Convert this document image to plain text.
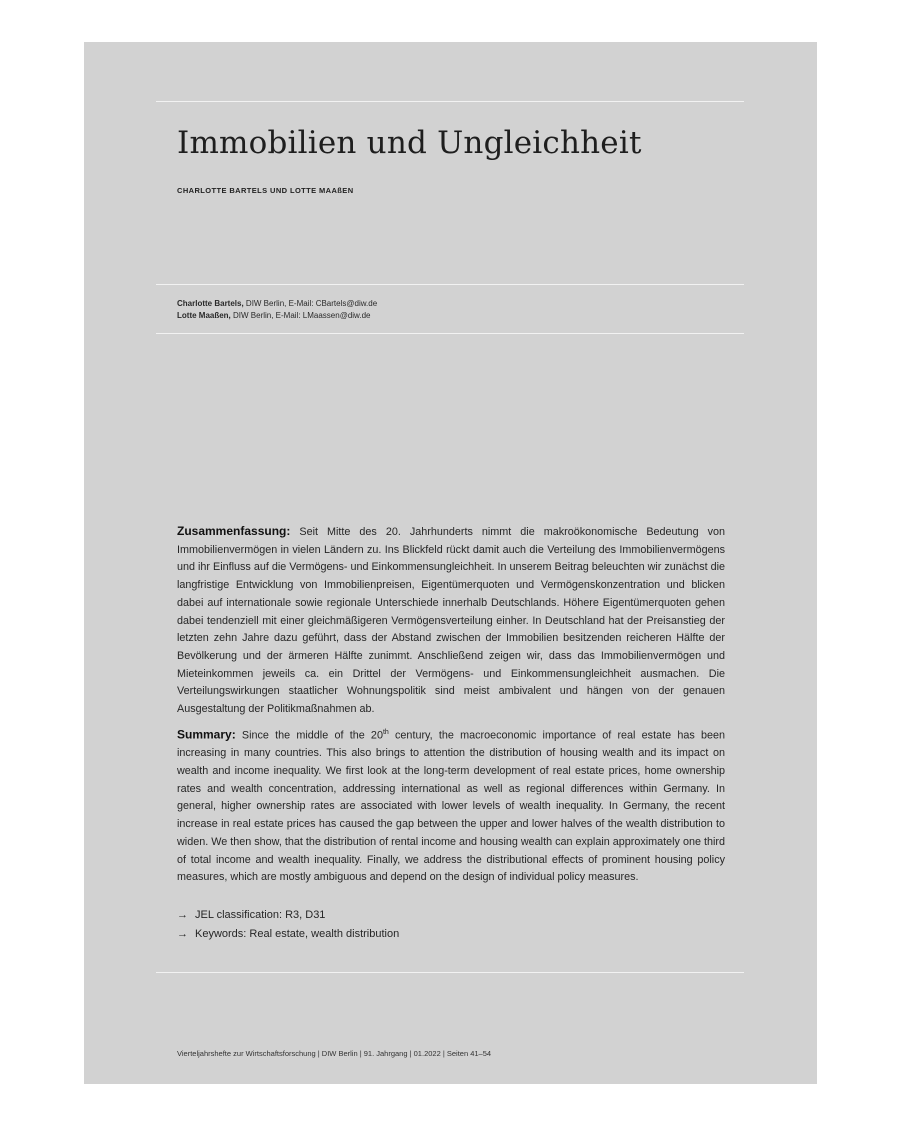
Immobilien und Ungleichheit
CHARLOTTE BARTELS UND LOTTE MAAßEN
Charlotte Bartels, DIW Berlin, E-Mail: CBartels@diw.de
Lotte Maaßen, DIW Berlin, E-Mail: LMaassen@diw.de

Zusammenfassung: Seit Mitte des 20. Jahrhunderts nimmt die makroökonomische Bedeutung von Immobilienvermögen in vielen Ländern zu. Ins Blickfeld rückt damit auch die Verteilung des Immobilienvermögens und ihr Einfluss auf die Vermögens- und Einkommensungleichheit. In unserem Beitrag beleuchten wir zunächst die langfristige Entwicklung von Immobilienpreisen, Eigentümerquoten und Vermögenskonzentration und blicken dabei auf internationale sowie regionale Unterschiede innerhalb Deutschlands. Höhere Eigentümerquoten gehen dabei tendenziell mit einer gleichmäßigeren Vermögensverteilung einher. In Deutschland hat der Preisanstieg der letzten zehn Jahre dazu geführt, dass der Abstand zwischen der Immobilien besitzenden reicheren Hälfte der Bevölkerung und der ärmeren Hälfte zunimmt. Anschließend zeigen wir, dass das Immobilienvermögen und Mieteinkommen jeweils ca. ein Drittel der Vermögens- und Einkommensungleichheit ausmachen. Die Verteilungswirkungen staatlicher Wohnungspolitik sind meist ambivalent und hängen von der genauen Ausgestaltung der Politikmaßnahmen ab.

Summary: Since the middle of the 20th century, the macroeconomic importance of real estate has been increasing in many countries. This also brings to attention the distribution of housing wealth and its impact on wealth and income inequality. We first look at the long-term development of real estate prices, home ownership rates and wealth concentration, addressing international as well as regional differences within Germany. In general, higher ownership rates are associated with lower levels of wealth inequality. In Germany, the recent increase in real estate prices has caused the gap between the upper and lower halves of the wealth distribution to widen. We then show, that the distribution of rental income and housing wealth can explain approximately one third of total income and wealth inequality. Finally, we address the distributional effects of prominent housing policy measures, which are mostly ambiguous and depend on the design of individual policy measures.

→ JEL classification: R3, D31
→ Keywords: Real estate, wealth distribution
Vierteljahrshefte zur Wirtschaftsforschung | DIW Berlin | 91. Jahrgang | 01.2022 | Seiten 41–54
